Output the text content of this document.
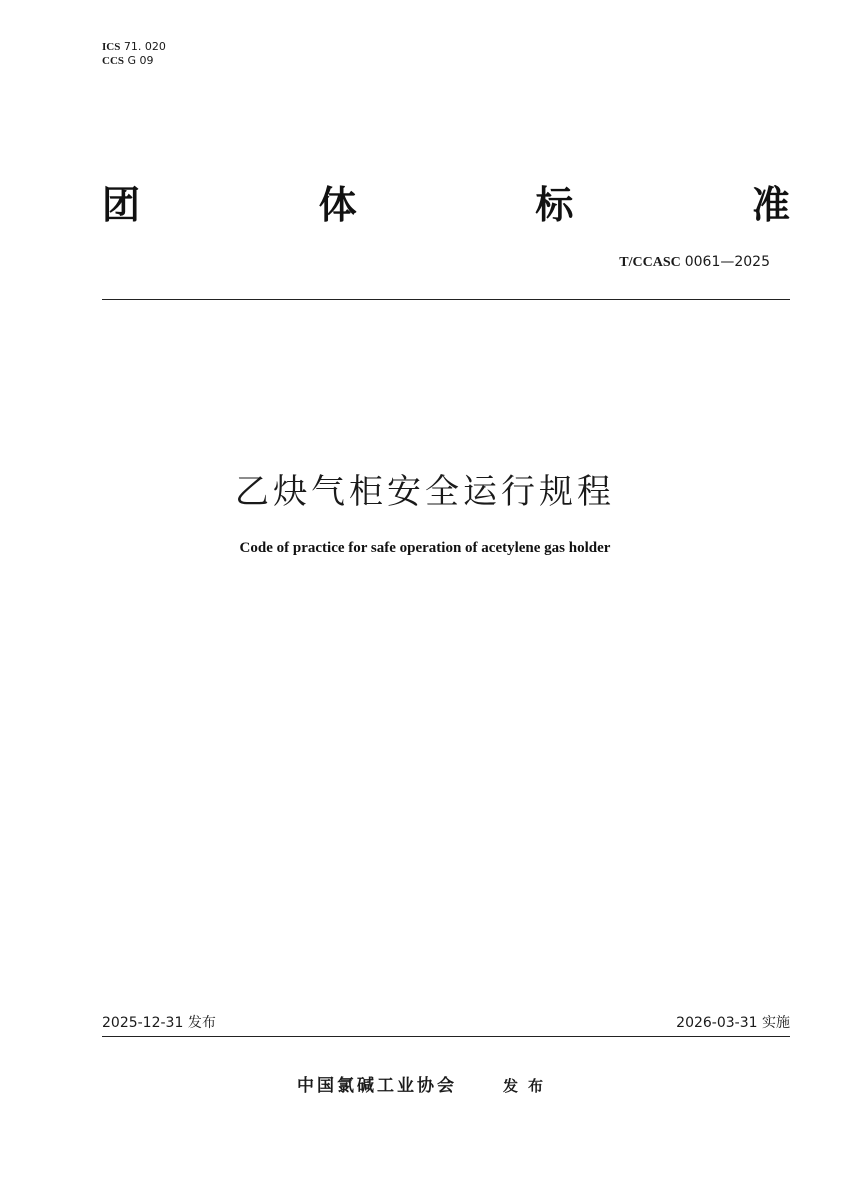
ICS 71. 020
CCS G 09
团	体	标	准
T/CCASC 0061—2025
乙炔气柜安全运行规程
Code of practice for safe operation of acetylene gas holder
2025-12-31 发布	2026-03-31 实施
中国氯碱工业协会	发布
